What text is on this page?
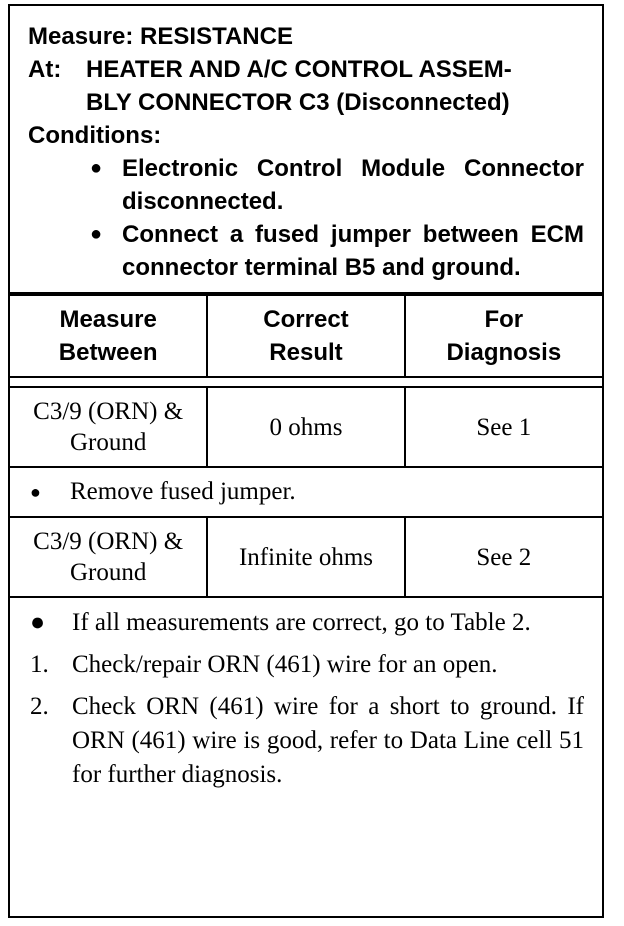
Measure: RESISTANCE
At:	HEATER AND A/C CONTROL ASSEM-
BLY CONNECTOR C3 (Disconnected)
Conditions:
● Electronic Control Module Connector disconnected.
● Connect a fused jumper between ECM connector terminal B5 and ground.
Measure Between	Correct Result	For Diagnosis

C3/9 (ORN) & Ground	0 ohms	See 1
● Remove fused jumper.		

C3/9 (ORN) & Ground	Infinite ohms	See 2
●	If all measurements are correct, go to Table 2.
1. Check/repair ORN (461) wire for an open.
2. Check ORN (461) wire for a short to ground. If ORN (461) wire is good, refer to Data Line cell 51 for further diagnosis.
